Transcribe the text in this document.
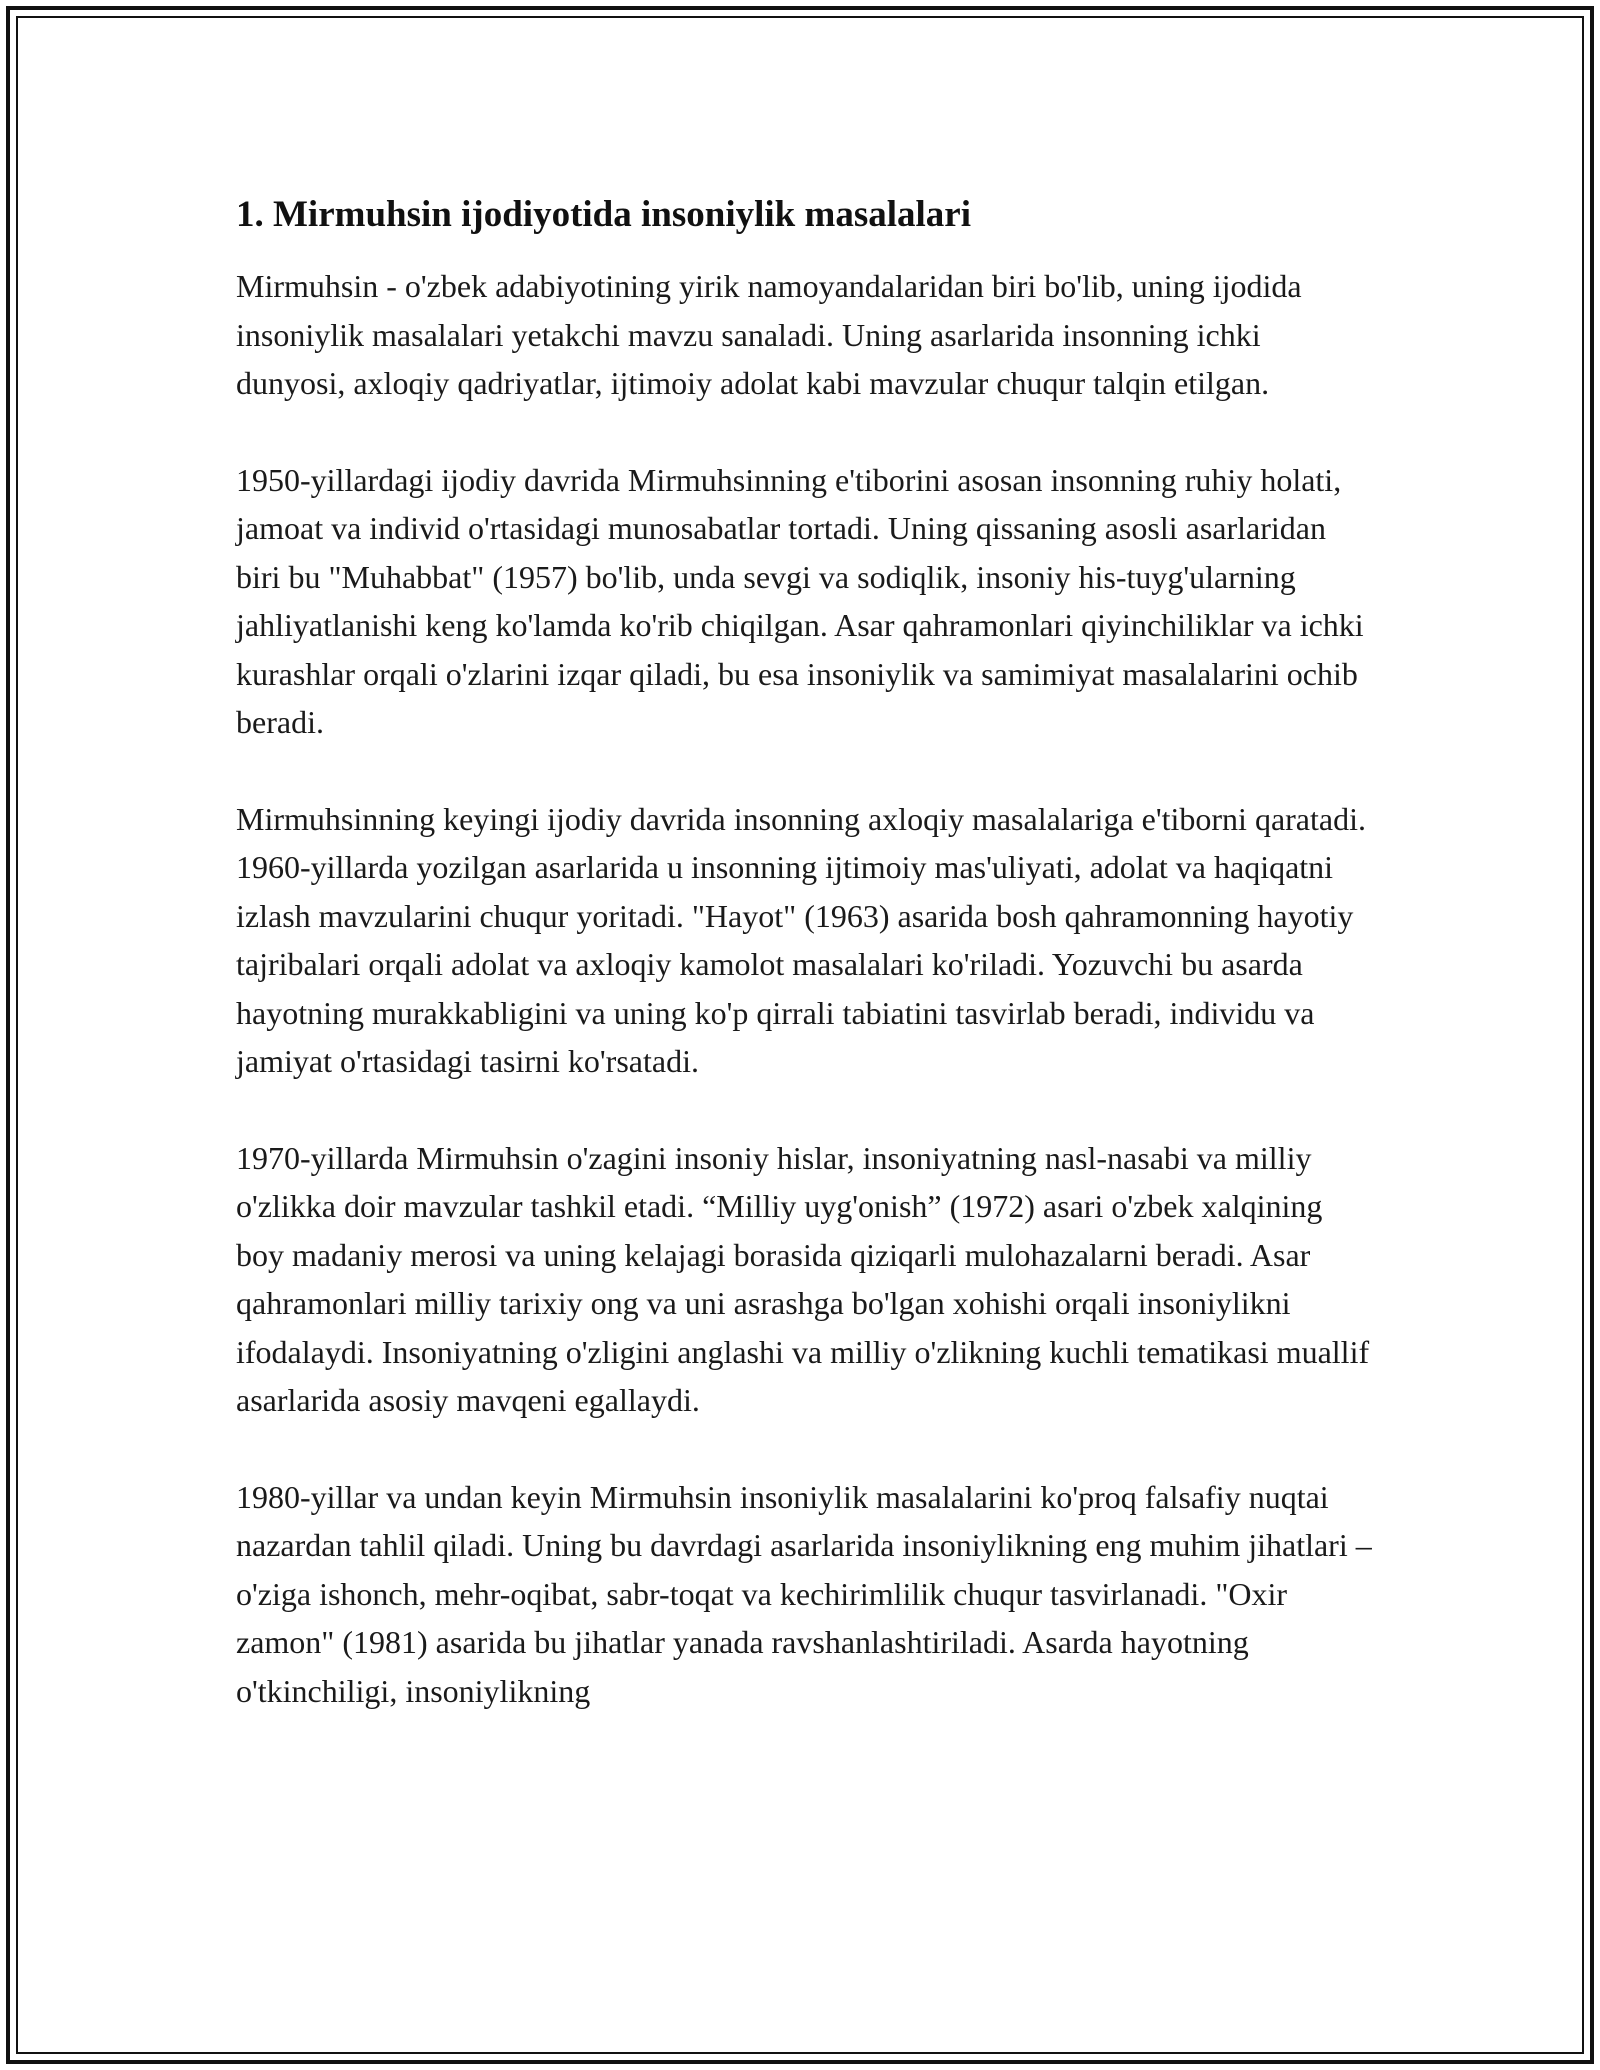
1. Mirmuhsin ijodiyotida insoniylik masalalari

Mirmuhsin - o'zbek adabiyotining yirik namoyandalaridan biri bo'lib, uning ijodida insoniylik masalalari yetakchi mavzu sanaladi. Uning asarlarida insonning ichki dunyosi, axloqiy qadriyatlar, ijtimoiy adolat kabi mavzular chuqur talqin etilgan.

1950-yillardagi ijodiy davrida Mirmuhsinning e'tiborini asosan insonning ruhiy holati, jamoat va individ o'rtasidagi munosabatlar tortadi. Uning qissaning asosli asarlaridan biri bu "Muhabbat" (1957) bo'lib, unda sevgi va sodiqlik, insoniy his-tuyg'ularning jahliyatlanishi keng ko'lamda ko'rib chiqilgan. Asar qahramonlari qiyinchiliklar va ichki kurashlar orqali o'zlarini izqar qiladi, bu esa insoniylik va samimiyat masalalarini ochib beradi.

Mirmuhsinning keyingi ijodiy davrida insonning axloqiy masalalariga e'tiborni qaratadi. 1960-yillarda yozilgan asarlarida u insonning ijtimoiy mas'uliyati, adolat va haqiqatni izlash mavzularini chuqur yoritadi. "Hayot" (1963) asarida bosh qahramonning hayotiy tajribalari orqali adolat va axloqiy kamolot masalalari ko'riladi. Yozuvchi bu asarda hayotning murakkabligini va uning ko'p qirrali tabiatini tasvirlab beradi, individu va jamiyat o'rtasidagi tasirni ko'rsatadi.

1970-yillarda Mirmuhsin o'zagini insoniy hislar, insoniyatning nasl-nasabi va milliy o'zlikka doir mavzular tashkil etadi. “Milliy uyg'onish” (1972) asari o'zbek xalqining boy madaniy merosi va uning kelajagi borasida qiziqarli mulohazalarni beradi. Asar qahramonlari milliy tarixiy ong va uni asrashga bo'lgan xohishi orqali insoniylikni ifodalaydi. Insoniyatning o'zligini anglashi va milliy o'zlikning kuchli tematikasi muallif asarlarida asosiy mavqeni egallaydi.

1980-yillar va undan keyin Mirmuhsin insoniylik masalalarini ko'proq falsafiy nuqtai nazardan tahlil qiladi. Uning bu davrdagi asarlarida insoniylikning eng muhim jihatlari – o'ziga ishonch, mehr-oqibat, sabr-toqat va kechirimlilik chuqur tasvirlanadi. "Oxir zamon" (1981) asarida bu jihatlar yanada ravshanlashtiriladi. Asarda hayotning o'tkinchiligi, insoniylikning
